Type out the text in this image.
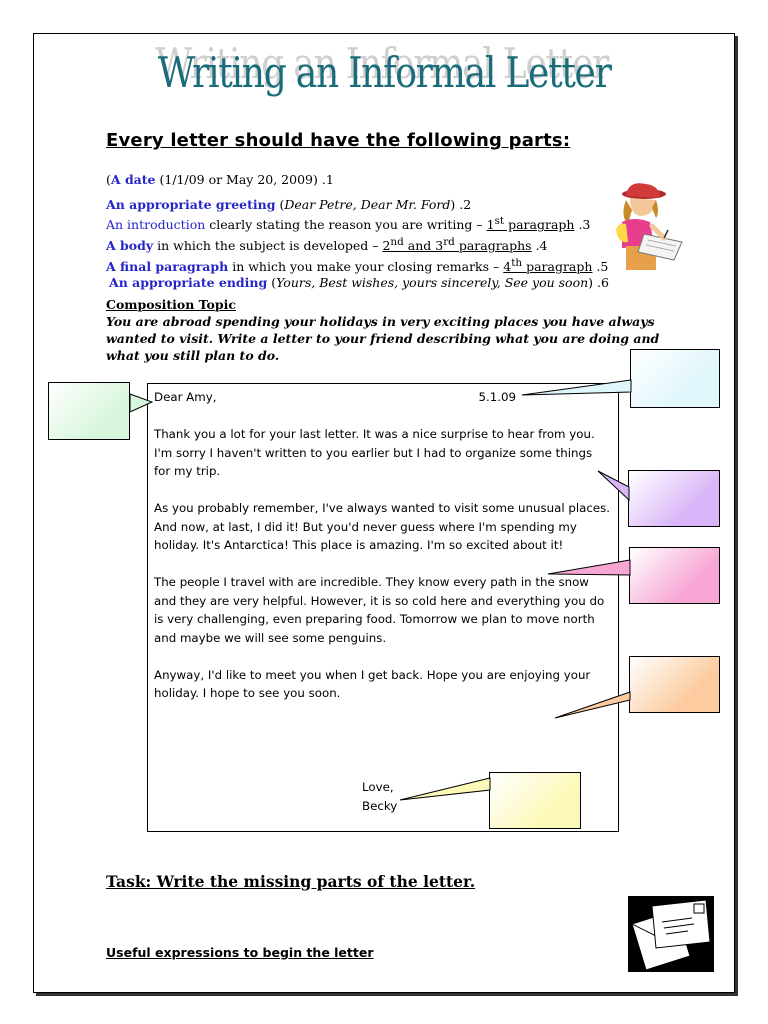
Writing an Informal Letter
Every letter should have the following parts:
(A date (1/1/09 or May 20, 2009) .1
An appropriate greeting (Dear Petre, Dear Mr. Ford) .2
An introduction clearly stating the reason you are writing – 1st paragraph .3
A body in which the subject is developed – 2nd and 3rd paragraphs .4
A final paragraph in which you make your closing remarks – 4th paragraph .5
An appropriate ending (Yours, Best wishes, yours sincerely, See you soon) .6
Composition Topic
You are abroad spending your holidays in very exciting places you have always wanted to visit. Write a letter to your friend describing what you are doing and what you still plan to do.
Dear Amy,	5.1.09

Thank you a lot for your last letter. It was a nice surprise to hear from you. I'm sorry I haven't written to you earlier but I had to organize some things for my trip.

As you probably remember, I've always wanted to visit some unusual places. And now, at last, I did it! But you'd never guess where I'm spending my holiday. It's Antarctica! This place is amazing. I'm so excited about it!

The people I travel with are incredible. They know every path in the snow and they are very helpful. However, it is so cold here and everything you do is very challenging, even preparing food. Tomorrow we plan to move north and maybe we will see some penguins.

Anyway, I'd like to meet you when I get back. Hope you are enjoying your holiday. I hope to see you soon.

Love,
Becky
Task: Write the missing parts of the letter.
Useful expressions to begin the letter
